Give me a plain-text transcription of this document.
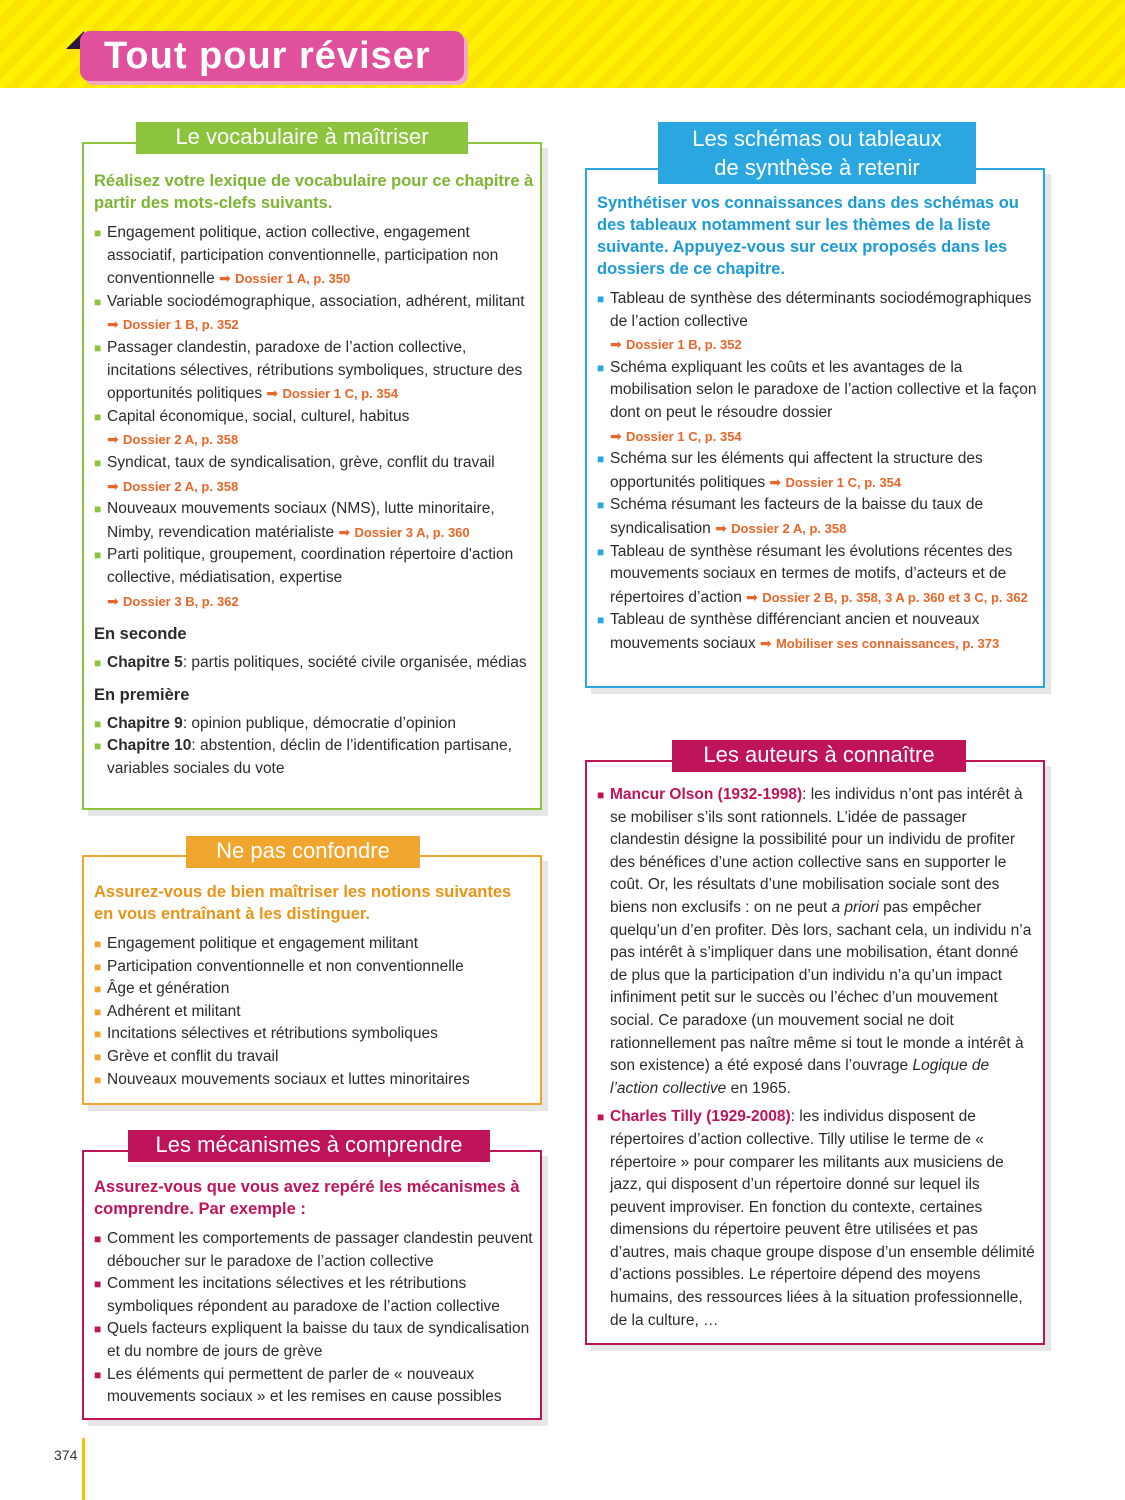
Tout pour réviser

Réalisez votre lexique de vocabulaire pour ce chapitre à partir des mots-clefs suivants.

■ Engagement politique, action collective, engagement associatif, participation conventionnelle, participation non conventionnelle ➡ Dossier 1 A, p. 350
■ Variable sociodémographique, association, adhérent, militant ➡ Dossier 1 B, p. 352
■ Passager clandestin, paradoxe de l’action collective, incitations sélectives, rétributions symboliques, structure des opportunités politiques ➡ Dossier 1 C, p. 354
■ Capital économique, social, culturel, habitus
➡ Dossier 2 A, p. 358
■ Syndicat, taux de syndicalisation, grève, conflit du travail
➡ Dossier 2 A, p. 358
■ Nouveaux mouvements sociaux (NMS), lutte minoritaire, Nimby, revendication matérialiste ➡ Dossier 3 A, p. 360
■ Parti politique, groupement, coordination répertoire d'action collective, médiatisation, expertise
➡ Dossier 3 B, p. 362
En seconde
■ Chapitre 5: partis politiques, société civile organisée, médias
En première
■ Chapitre 9: opinion publique, démocratie d’opinion
■ Chapitre 10: abstention, déclin de l’identification partisane, variables sociales du vote
Le vocabulaire à maîtriser

Assurez-vous de bien maîtriser les notions suivantes en vous entraînant à les distinguer.

■ Engagement politique et engagement militant
■ Participation conventionnelle et non conventionnelle
■ Âge et génération
■ Adhérent et militant
■ Incitations sélectives et rétributions symboliques
■ Grève et conflit du travail
■ Nouveaux mouvements sociaux et luttes minoritaires
Ne pas confondre

Assurez-vous que vous avez repéré les mécanismes à comprendre. Par exemple :

■ Comment les comportements de passager clandestin peuvent déboucher sur le paradoxe de l’action collective
■ Comment les incitations sélectives et les rétributions symboliques répondent au paradoxe de l’action collective
■ Quels facteurs expliquent la baisse du taux de syndicalisation et du nombre de jours de grève
■ Les éléments qui permettent de parler de « nouveaux mouvements sociaux » et les remises en cause possibles
Les mécanismes à comprendre

Synthétiser vos connaissances dans des schémas ou des tableaux notamment sur les thèmes de la liste suivante. Appuyez-vous sur ceux proposés dans les dossiers de ce chapitre.

■ Tableau de synthèse des déterminants sociodémographiques de l’action collective
➡ Dossier 1 B, p. 352
■ Schéma expliquant les coûts et les avantages de la mobilisation selon le paradoxe de l’action collective et la façon dont on peut le résoudre dossier
➡ Dossier 1 C, p. 354
■ Schéma sur les éléments qui affectent la structure des opportunités politiques ➡ Dossier 1 C, p. 354
■ Schéma résumant les facteurs de la baisse du taux de syndicalisation ➡ Dossier 2 A, p. 358
■ Tableau de synthèse résumant les évolutions récentes des mouvements sociaux en termes de motifs, d’acteurs et de répertoires d’action ➡ Dossier 2 B, p. 358, 3 A p. 360 et 3 C, p. 362
■ Tableau de synthèse différenciant ancien et nouveaux mouvements sociaux ➡ Mobiliser ses connaissances, p. 373
Les schémas ou tableaux
de synthèse à retenir
■ Mancur Olson (1932-1998): les individus n’ont pas intérêt à se mobiliser s’ils sont rationnels. L’idée de passager clandestin désigne la possibilité pour un individu de profiter des bénéfices d’une action collective sans en supporter le coût. Or, les résultats d’une mobilisation sociale sont des biens non exclusifs : on ne peut a priori pas empêcher quelqu’un d’en profiter. Dès lors, sachant cela, un individu n’a pas intérêt à s’impliquer dans une mobilisation, étant donné de plus que la participation d’un individu n’a qu’un impact infiniment petit sur le succès ou l’échec d’un mouvement social. Ce paradoxe (un mouvement social ne doit rationnellement pas naître même si tout le monde a intérêt à son existence) a été exposé dans l’ouvrage Logique de l’action collective en 1965.
■ Charles Tilly (1929-2008): les individus disposent de répertoires d’action collective. Tilly utilise le terme de « répertoire » pour comparer les militants aux musiciens de jazz, qui disposent d’un répertoire donné sur lequel ils peuvent improviser. En fonction du contexte, certaines dimensions du répertoire peuvent être utilisées et pas d’autres, mais chaque groupe dispose d’un ensemble délimité d’actions possibles. Le répertoire dépend des moyens humains, des ressources liées à la situation professionnelle, de la culture, …
Les auteurs à connaître
374
